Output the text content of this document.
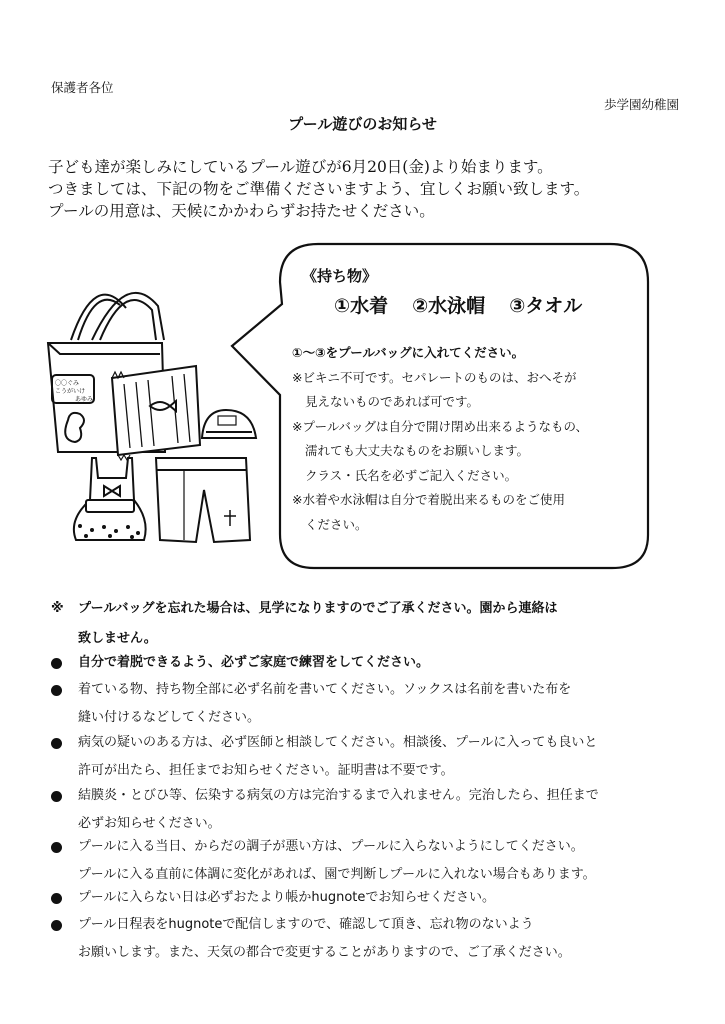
保護者各位
歩学園幼稚園
プール遊びのお知らせ
子ども達が楽しみにしているプール遊びが6月20日(金)より始まります。
つきましては、下記の物をご準備くださいますよう、宜しくお願い致します。
プールの用意は、天候にかかわらずお持たせください。
〇〇ぐみ
こうがいけ
あゆみ
《持ち物》
①水着 ②水泳帽 ③タオル
①～③をプールバッグに入れてください。
※ビキニ不可です。セパレートのものは、おへそが
見えないものであれば可です。
※プールバッグは自分で開け閉め出来るようなもの、
濡れても大丈夫なものをお願いします。
クラス・氏名を必ずご記入ください。
※水着や水泳帽は自分で着脱出来るものをご使用
ください。
※	プールバッグを忘れた場合は、見学になりますのでご了承ください。園から連絡は
致しません。
自分で着脱できるよう、必ずご家庭で練習をしてください。
着ている物、持ち物全部に必ず名前を書いてください。ソックスは名前を書いた布を
縫い付けるなどしてください。
病気の疑いのある方は、必ず医師と相談してください。相談後、プールに入っても良いと
許可が出たら、担任までお知らせください。証明書は不要です。
結膜炎・とびひ等、伝染する病気の方は完治するまで入れません。完治したら、担任まで
必ずお知らせください。
プールに入る当日、からだの調子が悪い方は、プールに入らないようにしてください。
プールに入る直前に体調に変化があれば、園で判断しプールに入れない場合もあります。
プールに入らない日は必ずおたより帳かhugnoteでお知らせください。
プール日程表をhugnoteで配信しますので、確認して頂き、忘れ物のないよう
お願いします。また、天気の都合で変更することがありますので、ご了承ください。
